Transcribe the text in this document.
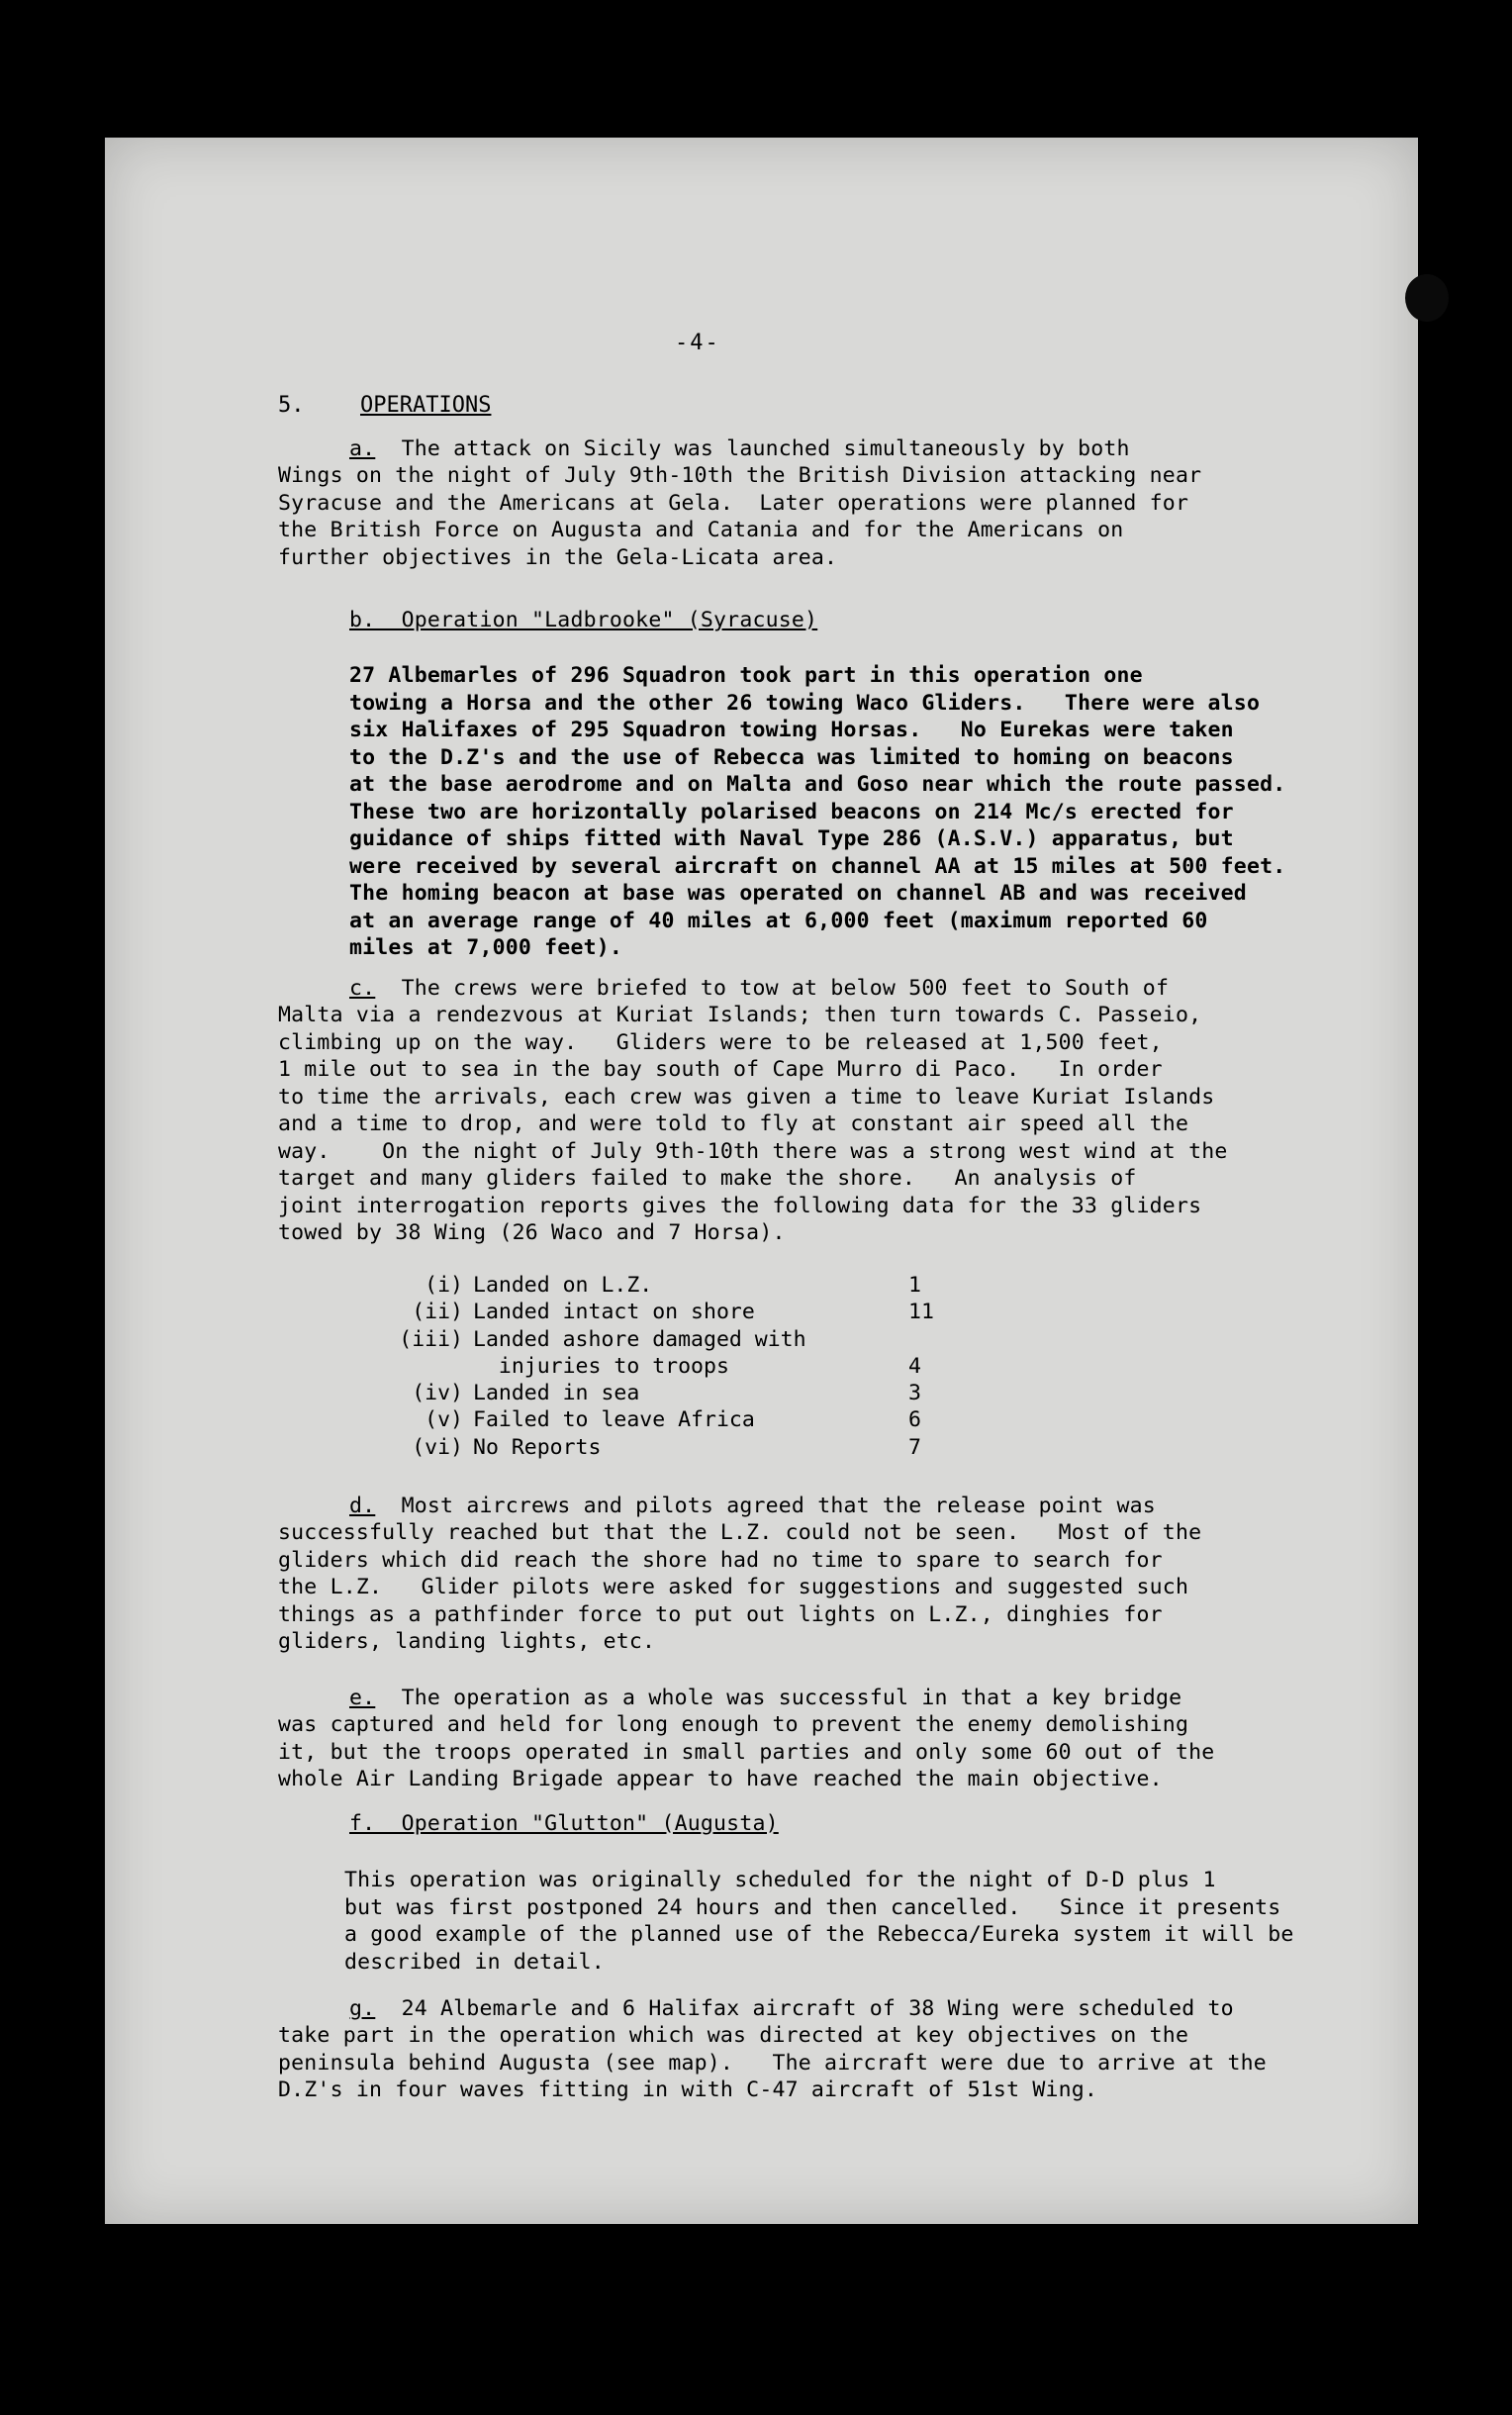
-4-
5.	OPERATIONS
a. The attack on Sicily was launched simultaneously by both
Wings on the night of July 9th-10th the British Division attacking near
Syracuse and the Americans at Gela.  Later operations were planned for
the British Force on Augusta and Catania and for the Americans on
further objectives in the Gela-Licata area.
b.  Operation "Ladbrooke" (Syracuse)
27 Albemarles of 296 Squadron took part in this operation one
towing a Horsa and the other 26 towing Waco Gliders.   There were also
six Halifaxes of 295 Squadron towing Horsas.   No Eurekas were taken
to the D.Z's and the use of Rebecca was limited to homing on beacons
at the base aerodrome and on Malta and Goso near which the route passed.
These two are horizontally polarised beacons on 214 Mc/s erected for
guidance of ships fitted with Naval Type 286 (A.S.V.) apparatus, but
were received by several aircraft on channel AA at 15 miles at 500 feet.
The homing beacon at base was operated on channel AB and was received
at an average range of 40 miles at 6,000 feet (maximum reported 60
miles at 7,000 feet).
c. The crews were briefed to tow at below 500 feet to South of
Malta via a rendezvous at Kuriat Islands; then turn towards C. Passeio,
climbing up on the way.   Gliders were to be released at 1,500 feet,
1 mile out to sea in the bay south of Cape Murro di Paco.   In order
to time the arrivals, each crew was given a time to leave Kuriat Islands
and a time to drop, and were told to fly at constant air speed all the
way.    On the night of July 9th-10th there was a strong west wind at the
target and many gliders failed to make the shore.   An analysis of
joint interrogation reports gives the following data for the 33 gliders
towed by 38 Wing (26 Waco and 7 Horsa).
(i) Landed on L.Z.	1
(ii) Landed intact on shore	11
(iii) Landed ashore damaged with
injuries to troops	4
(iv) Landed in sea	3
(v) Failed to leave Africa	6
(vi) No Reports	7
d. Most aircrews and pilots agreed that the release point was
successfully reached but that the L.Z. could not be seen.   Most of the
gliders which did reach the shore had no time to spare to search for
the L.Z.   Glider pilots were asked for suggestions and suggested such
things as a pathfinder force to put out lights on L.Z., dinghies for
gliders, landing lights, etc.
e. The operation as a whole was successful in that a key bridge
was captured and held for long enough to prevent the enemy demolishing
it, but the troops operated in small parties and only some 60 out of the
whole Air Landing Brigade appear to have reached the main objective.
f.  Operation "Glutton" (Augusta)
This operation was originally scheduled for the night of D-D plus 1
but was first postponed 24 hours and then cancelled.   Since it presents
a good example of the planned use of the Rebecca/Eureka system it will be
described in detail.
g. 24 Albemarle and 6 Halifax aircraft of 38 Wing were scheduled to
take part in the operation which was directed at key objectives on the
peninsula behind Augusta (see map).   The aircraft were due to arrive at the
D.Z's in four waves fitting in with C-47 aircraft of 51st Wing.
